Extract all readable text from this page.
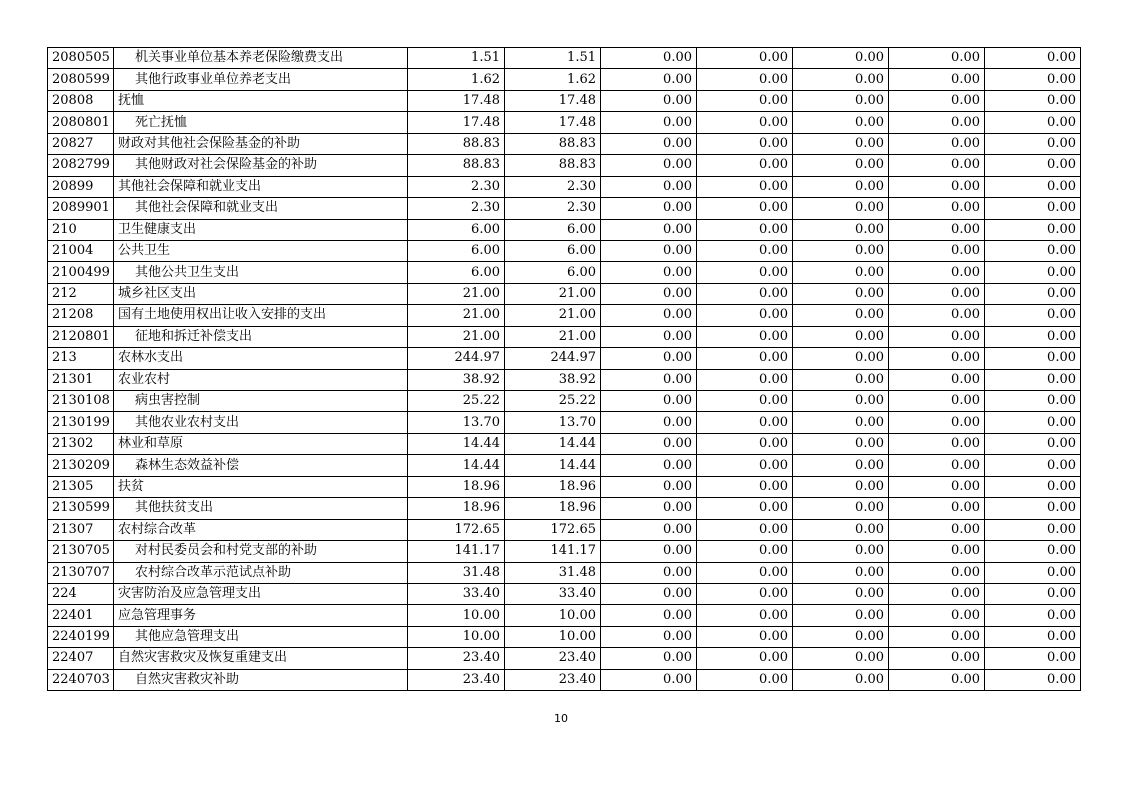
2080505	机关事业单位基本养老保险缴费支出	1.51	1.51	0.00	0.00	0.00	0.00	0.00
2080599	其他行政事业单位养老支出	1.62	1.62	0.00	0.00	0.00	0.00	0.00
20808	抚恤	17.48	17.48	0.00	0.00	0.00	0.00	0.00
2080801	死亡抚恤	17.48	17.48	0.00	0.00	0.00	0.00	0.00
20827	财政对其他社会保险基金的补助	88.83	88.83	0.00	0.00	0.00	0.00	0.00
2082799	其他财政对社会保险基金的补助	88.83	88.83	0.00	0.00	0.00	0.00	0.00
20899	其他社会保障和就业支出	2.30	2.30	0.00	0.00	0.00	0.00	0.00
2089901	其他社会保障和就业支出	2.30	2.30	0.00	0.00	0.00	0.00	0.00
210	卫生健康支出	6.00	6.00	0.00	0.00	0.00	0.00	0.00
21004	公共卫生	6.00	6.00	0.00	0.00	0.00	0.00	0.00
2100499	其他公共卫生支出	6.00	6.00	0.00	0.00	0.00	0.00	0.00
212	城乡社区支出	21.00	21.00	0.00	0.00	0.00	0.00	0.00
21208	国有土地使用权出让收入安排的支出	21.00	21.00	0.00	0.00	0.00	0.00	0.00
2120801	征地和拆迁补偿支出	21.00	21.00	0.00	0.00	0.00	0.00	0.00
213	农林水支出	244.97	244.97	0.00	0.00	0.00	0.00	0.00
21301	农业农村	38.92	38.92	0.00	0.00	0.00	0.00	0.00
2130108	病虫害控制	25.22	25.22	0.00	0.00	0.00	0.00	0.00
2130199	其他农业农村支出	13.70	13.70	0.00	0.00	0.00	0.00	0.00
21302	林业和草原	14.44	14.44	0.00	0.00	0.00	0.00	0.00
2130209	森林生态效益补偿	14.44	14.44	0.00	0.00	0.00	0.00	0.00
21305	扶贫	18.96	18.96	0.00	0.00	0.00	0.00	0.00
2130599	其他扶贫支出	18.96	18.96	0.00	0.00	0.00	0.00	0.00
21307	农村综合改革	172.65	172.65	0.00	0.00	0.00	0.00	0.00
2130705	对村民委员会和村党支部的补助	141.17	141.17	0.00	0.00	0.00	0.00	0.00
2130707	农村综合改革示范试点补助	31.48	31.48	0.00	0.00	0.00	0.00	0.00
224	灾害防治及应急管理支出	33.40	33.40	0.00	0.00	0.00	0.00	0.00
22401	应急管理事务	10.00	10.00	0.00	0.00	0.00	0.00	0.00
2240199	其他应急管理支出	10.00	10.00	0.00	0.00	0.00	0.00	0.00
22407	自然灾害救灾及恢复重建支出	23.40	23.40	0.00	0.00	0.00	0.00	0.00
2240703	自然灾害救灾补助	23.40	23.40	0.00	0.00	0.00	0.00	0.00
10
